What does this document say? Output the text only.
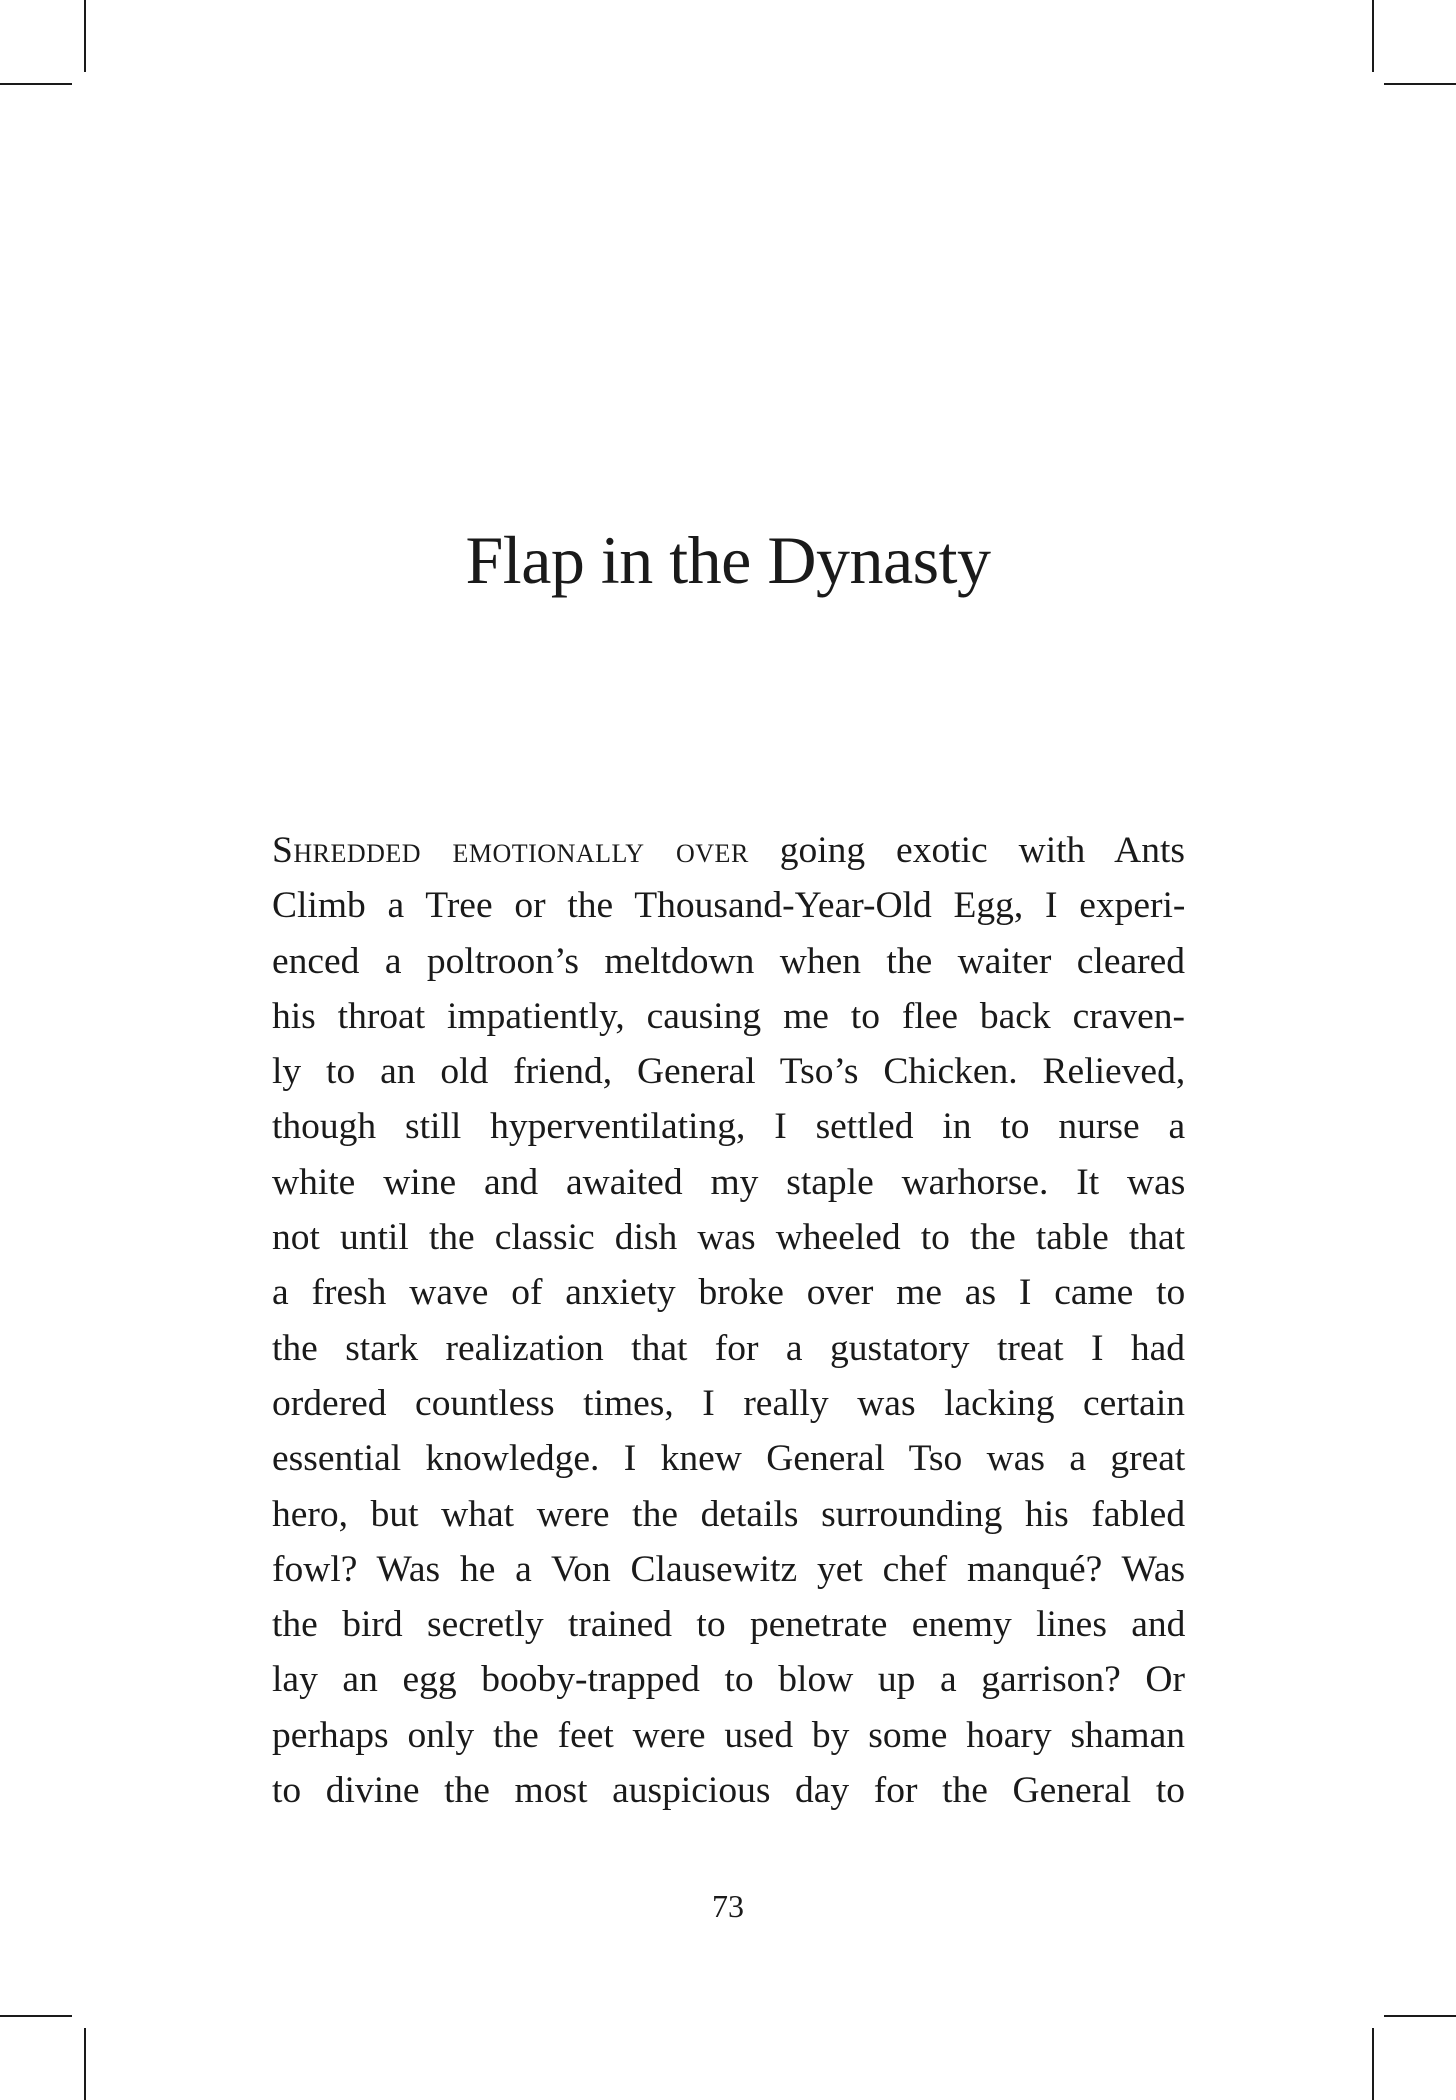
Flap in the Dynasty

Shredded emotionally over going exotic with Ants
Climb a Tree or the Thousand-Year-Old Egg, I experi-
enced a poltroon’s meltdown when the waiter cleared
his throat impatiently, causing me to flee back craven-
ly to an old friend, General Tso’s Chicken. Relieved,
though still hyperventilating, I settled in to nurse a
white wine and awaited my staple warhorse. It was
not until the classic dish was wheeled to the table that
a fresh wave of anxiety broke over me as I came to
the stark realization that for a gustatory treat I had
ordered countless times, I really was lacking certain
essential knowledge. I knew General Tso was a great
hero, but what were the details surrounding his fabled
fowl? Was he a Von Clausewitz yet chef manqué? Was
the bird secretly trained to penetrate enemy lines and
lay an egg booby-trapped to blow up a garrison? Or
perhaps only the feet were used by some hoary shaman
to divine the most auspicious day for the General to

73
